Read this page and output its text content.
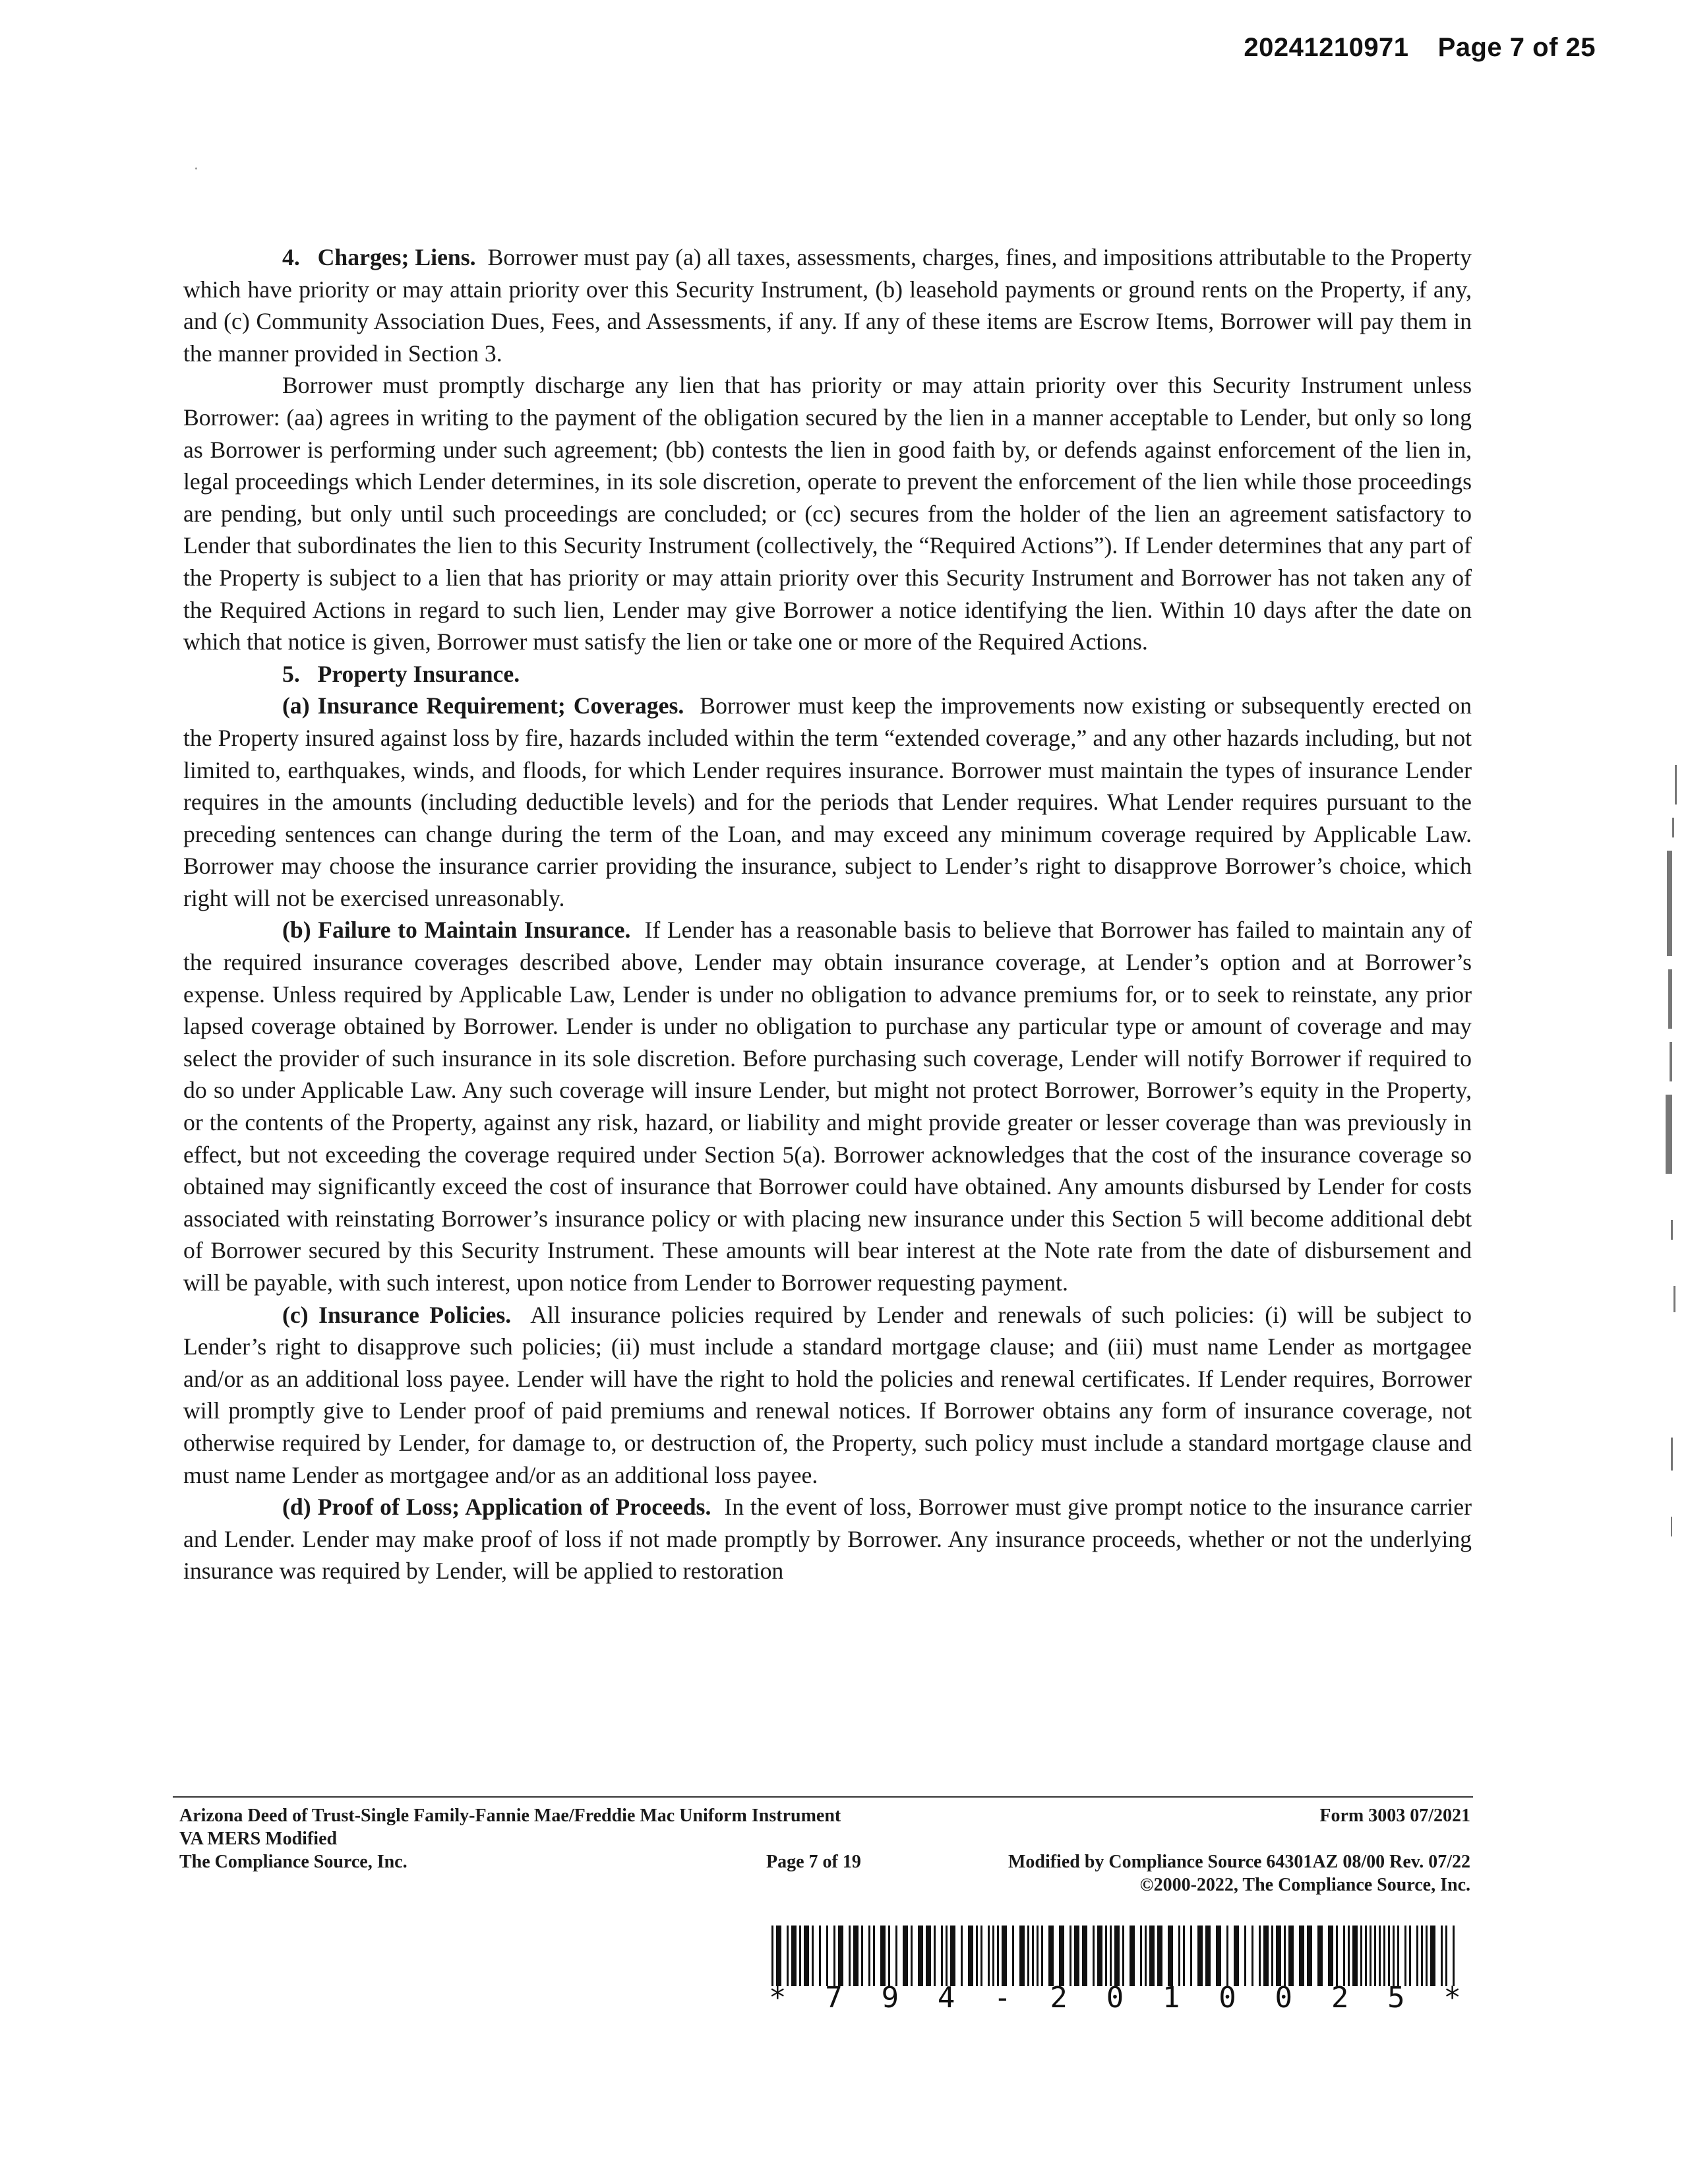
20241210971 Page 7 of 25

4. Charges; Liens. Borrower must pay (a) all taxes, assessments, charges, fines, and impositions attributable to the Property which have priority or may attain priority over this Security Instrument, (b) leasehold payments or ground rents on the Property, if any, and (c) Community Association Dues, Fees, and Assessments, if any. If any of these items are Escrow Items, Borrower will pay them in the manner provided in Section 3.

Borrower must promptly discharge any lien that has priority or may attain priority over this Security Instrument unless Borrower: (aa) agrees in writing to the payment of the obligation secured by the lien in a manner acceptable to Lender, but only so long as Borrower is performing under such agreement; (bb) contests the lien in good faith by, or defends against enforcement of the lien in, legal proceedings which Lender determines, in its sole discretion, operate to prevent the enforcement of the lien while those proceedings are pending, but only until such proceedings are concluded; or (cc) secures from the holder of the lien an agreement satisfactory to Lender that subordinates the lien to this Security Instrument (collectively, the “Required Actions”). If Lender determines that any part of the Property is subject to a lien that has priority or may attain priority over this Security Instrument and Borrower has not taken any of the Required Actions in regard to such lien, Lender may give Borrower a notice identifying the lien. Within 10 days after the date on which that notice is given, Borrower must satisfy the lien or take one or more of the Required Actions.

5. Property Insurance.

(a) Insurance Requirement; Coverages. Borrower must keep the improvements now existing or subsequently erected on the Property insured against loss by fire, hazards included within the term “extended coverage,” and any other hazards including, but not limited to, earthquakes, winds, and floods, for which Lender requires insurance. Borrower must maintain the types of insurance Lender requires in the amounts (including deductible levels) and for the periods that Lender requires. What Lender requires pursuant to the preceding sentences can change during the term of the Loan, and may exceed any minimum coverage required by Applicable Law. Borrower may choose the insurance carrier providing the insurance, subject to Lender’s right to disapprove Borrower’s choice, which right will not be exercised unreasonably.

(b) Failure to Maintain Insurance. If Lender has a reasonable basis to believe that Borrower has failed to maintain any of the required insurance coverages described above, Lender may obtain insurance coverage, at Lender’s option and at Borrower’s expense. Unless required by Applicable Law, Lender is under no obligation to advance premiums for, or to seek to reinstate, any prior lapsed coverage obtained by Borrower. Lender is under no obligation to purchase any particular type or amount of coverage and may select the provider of such insurance in its sole discretion. Before purchasing such coverage, Lender will notify Borrower if required to do so under Applicable Law. Any such coverage will insure Lender, but might not protect Borrower, Borrower’s equity in the Property, or the contents of the Property, against any risk, hazard, or liability and might provide greater or lesser coverage than was previously in effect, but not exceeding the coverage required under Section 5(a). Borrower acknowledges that the cost of the insurance coverage so obtained may significantly exceed the cost of insurance that Borrower could have obtained. Any amounts disbursed by Lender for costs associated with reinstating Borrower’s insurance policy or with placing new insurance under this Section 5 will become additional debt of Borrower secured by this Security Instrument. These amounts will bear interest at the Note rate from the date of disbursement and will be payable, with such interest, upon notice from Lender to Borrower requesting payment.

(c) Insurance Policies. All insurance policies required by Lender and renewals of such policies: (i) will be subject to Lender’s right to disapprove such policies; (ii) must include a standard mortgage clause; and (iii) must name Lender as mortgagee and/or as an additional loss payee. Lender will have the right to hold the policies and renewal certificates. If Lender requires, Borrower will promptly give to Lender proof of paid premiums and renewal notices. If Borrower obtains any form of insurance coverage, not otherwise required by Lender, for damage to, or destruction of, the Property, such policy must include a standard mortgage clause and must name Lender as mortgagee and/or as an additional loss payee.

(d) Proof of Loss; Application of Proceeds. In the event of loss, Borrower must give prompt notice to the insurance carrier and Lender. Lender may make proof of loss if not made promptly by Borrower. Any insurance proceeds, whether or not the underlying insurance was required by Lender, will be applied to restoration

Arizona Deed of Trust-Single Family-Fannie Mae/Freddie Mac Uniform Instrument	Form 3003 07/2021
VA MERS Modified
The Compliance Source, Inc.	Page 7 of 19	Modified by Compliance Source 64301AZ 08/00 Rev. 07/22
©2000-2022, The Compliance Source, Inc.
* 7 9 4 - 2 0 1 0 0 2 5 *
